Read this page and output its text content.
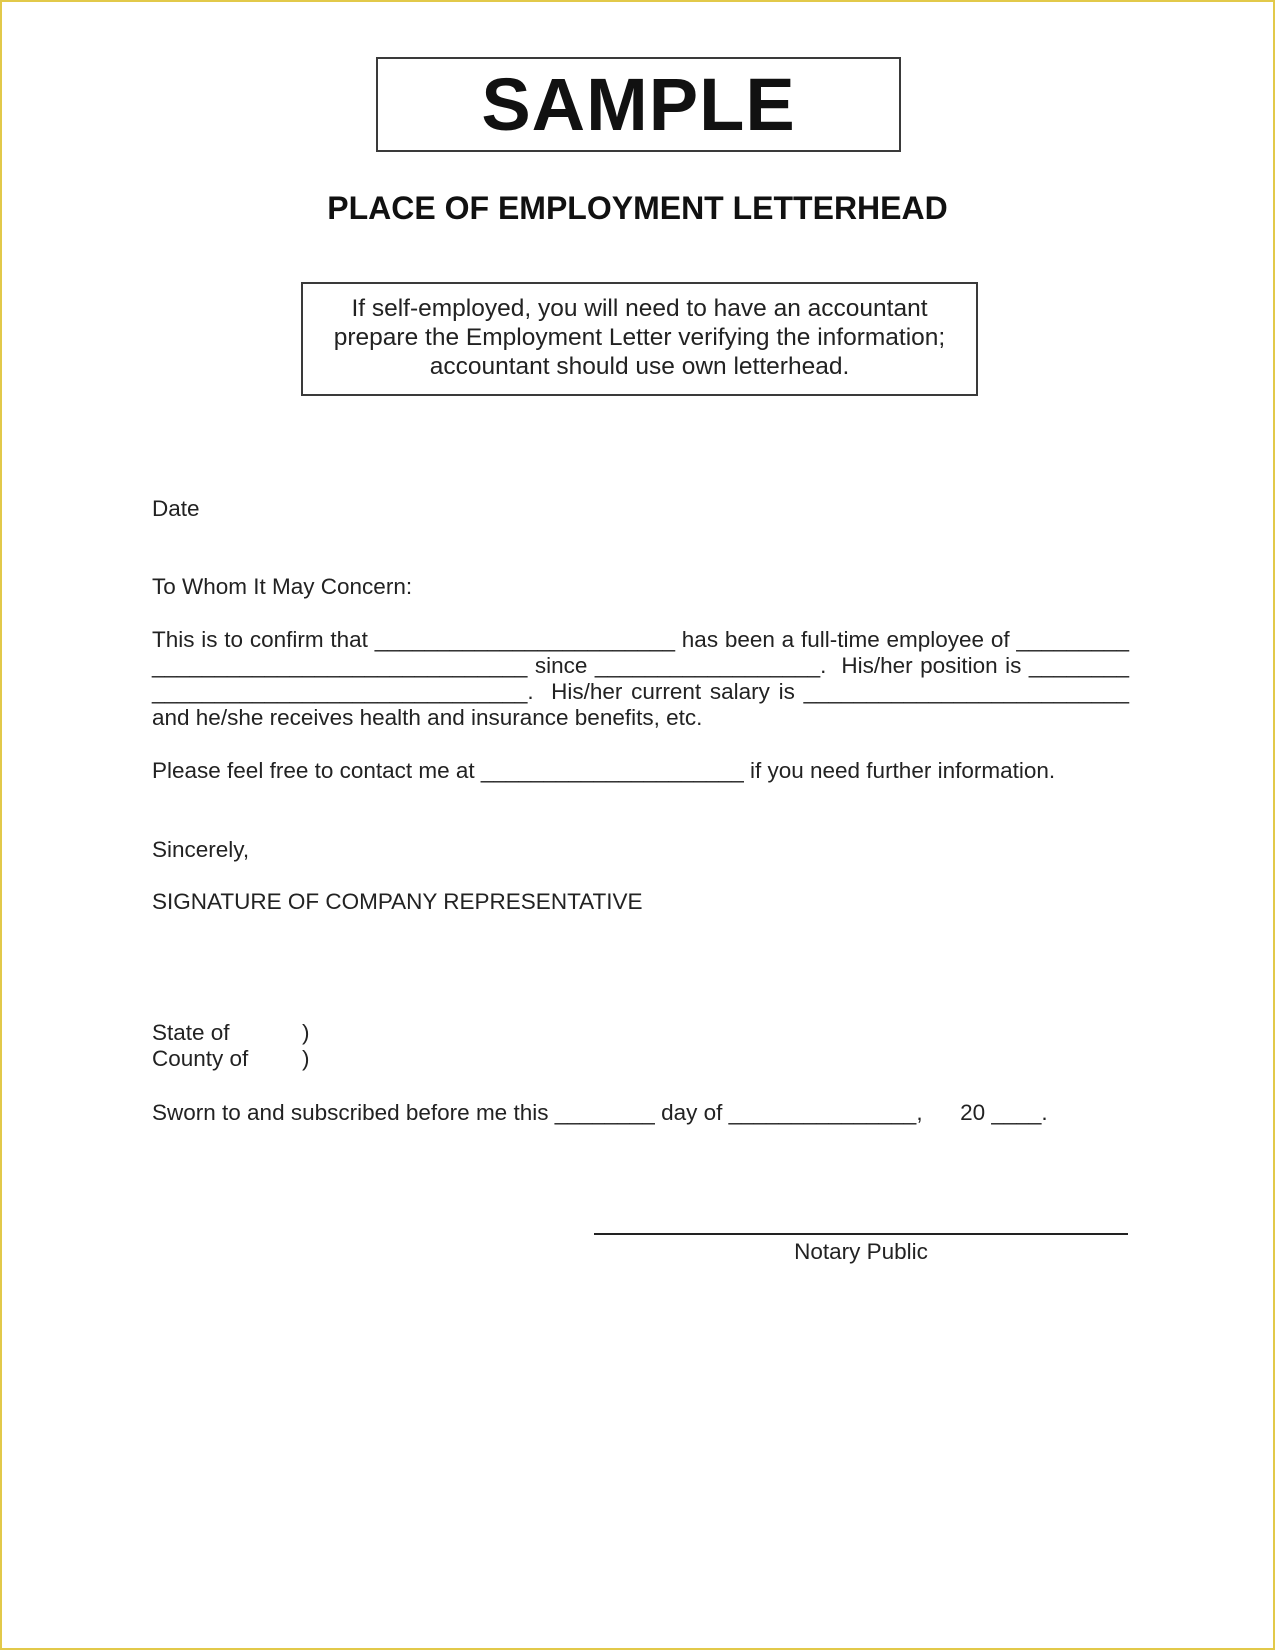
SAMPLE
PLACE OF EMPLOYMENT LETTERHEAD
If self-employed, you will need to have an accountant
prepare the Employment Letter verifying the information;
accountant should use own letterhead.
Date
To Whom It May Concern:
This is to confirm that ________________________ has been a full-time employee of _________
______________________________ since __________________.  His/her position is ________
______________________________.  His/her current salary is __________________________
and he/she receives health and insurance benefits, etc.
Please feel free to contact me at _____________________ if you need further information.
Sincerely,
SIGNATURE OF COMPANY REPRESENTATIVE
State of	)
County of )
Sworn to and subscribed before me this ________ day of _______________,      20 ____.
Notary Public
